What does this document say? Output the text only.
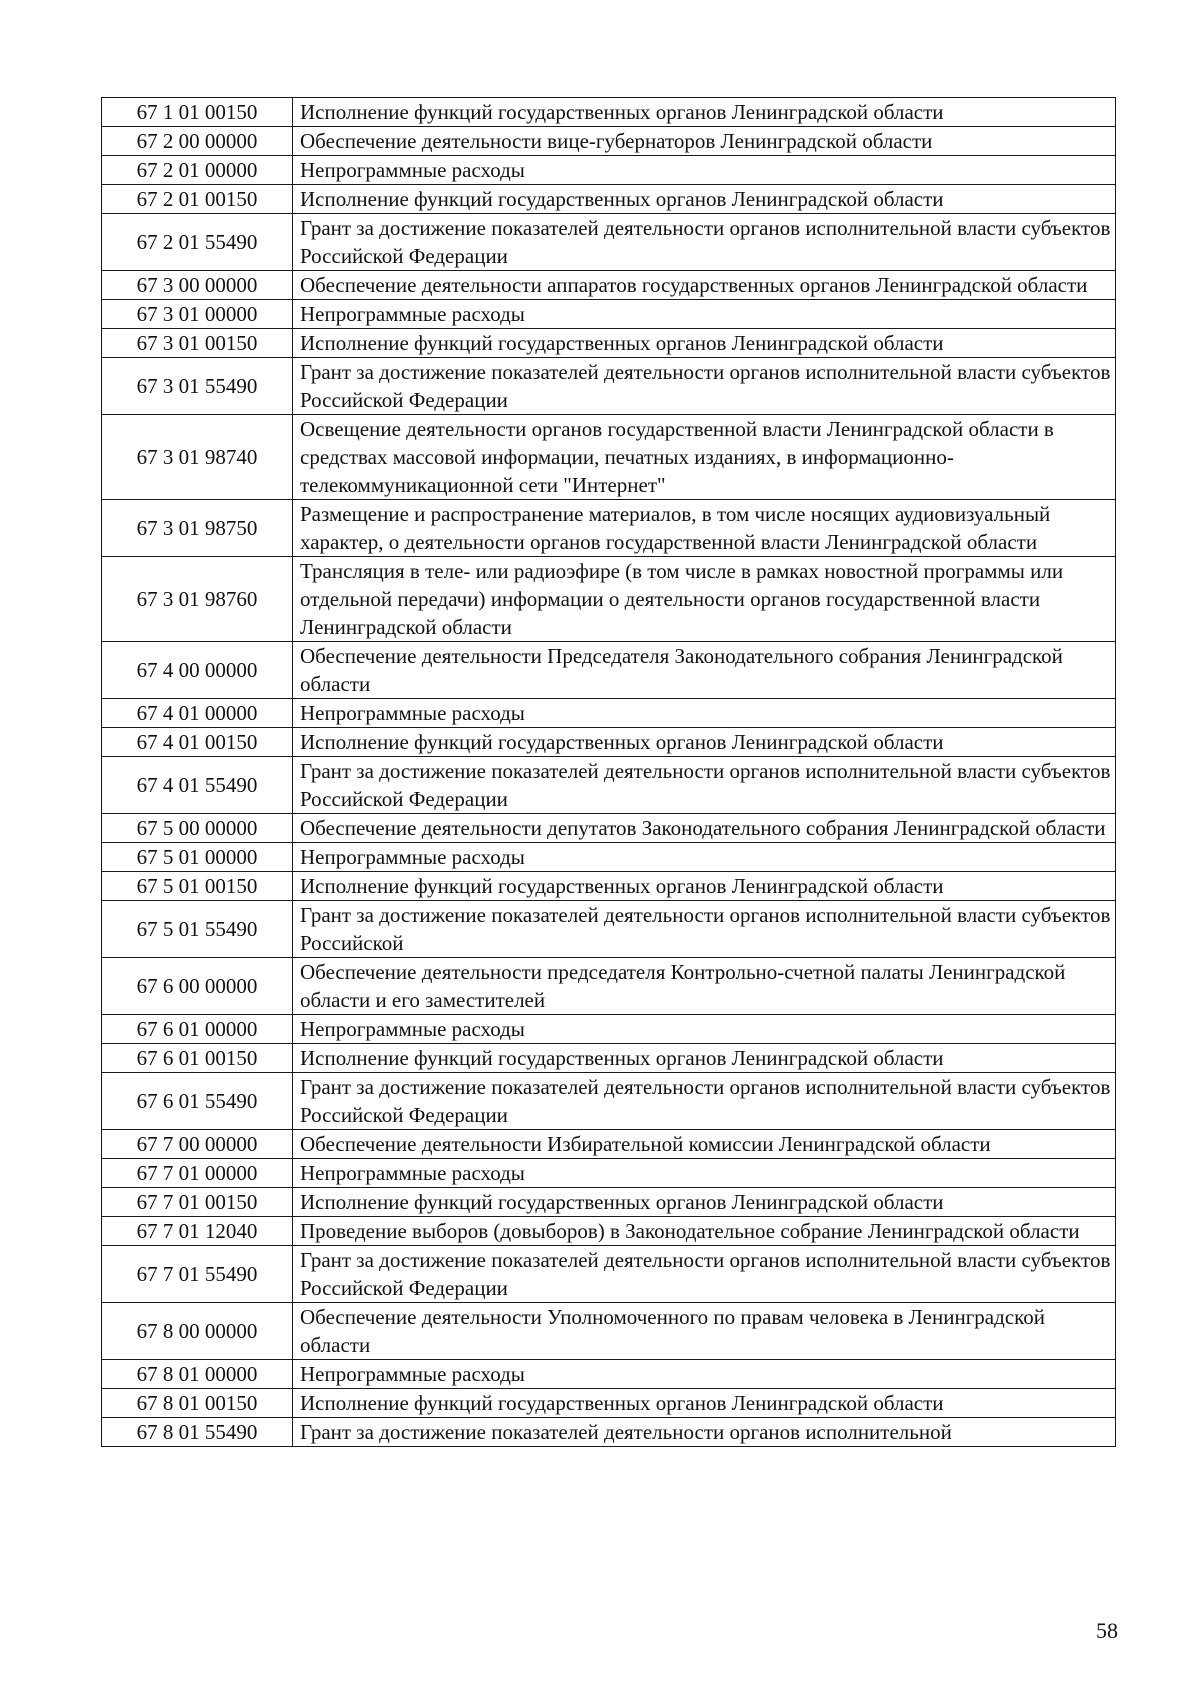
67 1 01 00150	Исполнение функций государственных органов Ленинградской области
67 2 00 00000	Обеспечение деятельности вице-губернаторов Ленинградской области
67 2 01 00000	Непрограммные расходы
67 2 01 00150	Исполнение функций государственных органов Ленинградской области
67 2 01 55490	Грант за достижение показателей деятельности органов исполнительной власти субъектов Российской Федерации
67 3 00 00000	Обеспечение деятельности аппаратов государственных органов Ленинградской области
67 3 01 00000	Непрограммные расходы
67 3 01 00150	Исполнение функций государственных органов Ленинградской области
67 3 01 55490	Грант за достижение показателей деятельности органов исполнительной власти субъектов Российской Федерации
67 3 01 98740	Освещение деятельности органов государственной власти Ленинградской области в средствах массовой информации, печатных изданиях, в информационно-телекоммуникационной сети "Интернет"
67 3 01 98750	Размещение и распространение материалов, в том числе носящих аудиовизуальный характер, о деятельности органов государственной власти Ленинградской области
67 3 01 98760	Трансляция в теле- или радиоэфире (в том числе в рамках новостной программы или отдельной передачи) информации о деятельности органов государственной власти Ленинградской области
67 4 00 00000	Обеспечение деятельности Председателя Законодательного собрания Ленинградской области
67 4 01 00000	Непрограммные расходы
67 4 01 00150	Исполнение функций государственных органов Ленинградской области
67 4 01 55490	Грант за достижение показателей деятельности органов исполнительной власти субъектов Российской Федерации
67 5 00 00000	Обеспечение деятельности депутатов Законодательного собрания Ленинградской области
67 5 01 00000	Непрограммные расходы
67 5 01 00150	Исполнение функций государственных органов Ленинградской области
67 5 01 55490	Грант за достижение показателей деятельности органов исполнительной власти субъектов Российской
67 6 00 00000	Обеспечение деятельности председателя Контрольно-счетной палаты Ленинградской области и его заместителей
67 6 01 00000	Непрограммные расходы
67 6 01 00150	Исполнение функций государственных органов Ленинградской области
67 6 01 55490	Грант за достижение показателей деятельности органов исполнительной власти субъектов Российской Федерации
67 7 00 00000	Обеспечение деятельности Избирательной комиссии Ленинградской области
67 7 01 00000	Непрограммные расходы
67 7 01 00150	Исполнение функций государственных органов Ленинградской области
67 7 01 12040	Проведение выборов (довыборов) в Законодательное собрание Ленинградской области
67 7 01 55490	Грант за достижение показателей деятельности органов исполнительной власти субъектов Российской Федерации
67 8 00 00000	Обеспечение деятельности Уполномоченного по правам человека в Ленинградской области
67 8 01 00000	Непрограммные расходы
67 8 01 00150	Исполнение функций государственных органов Ленинградской области
67 8 01 55490	Грант за достижение показателей деятельности органов исполнительной
58
